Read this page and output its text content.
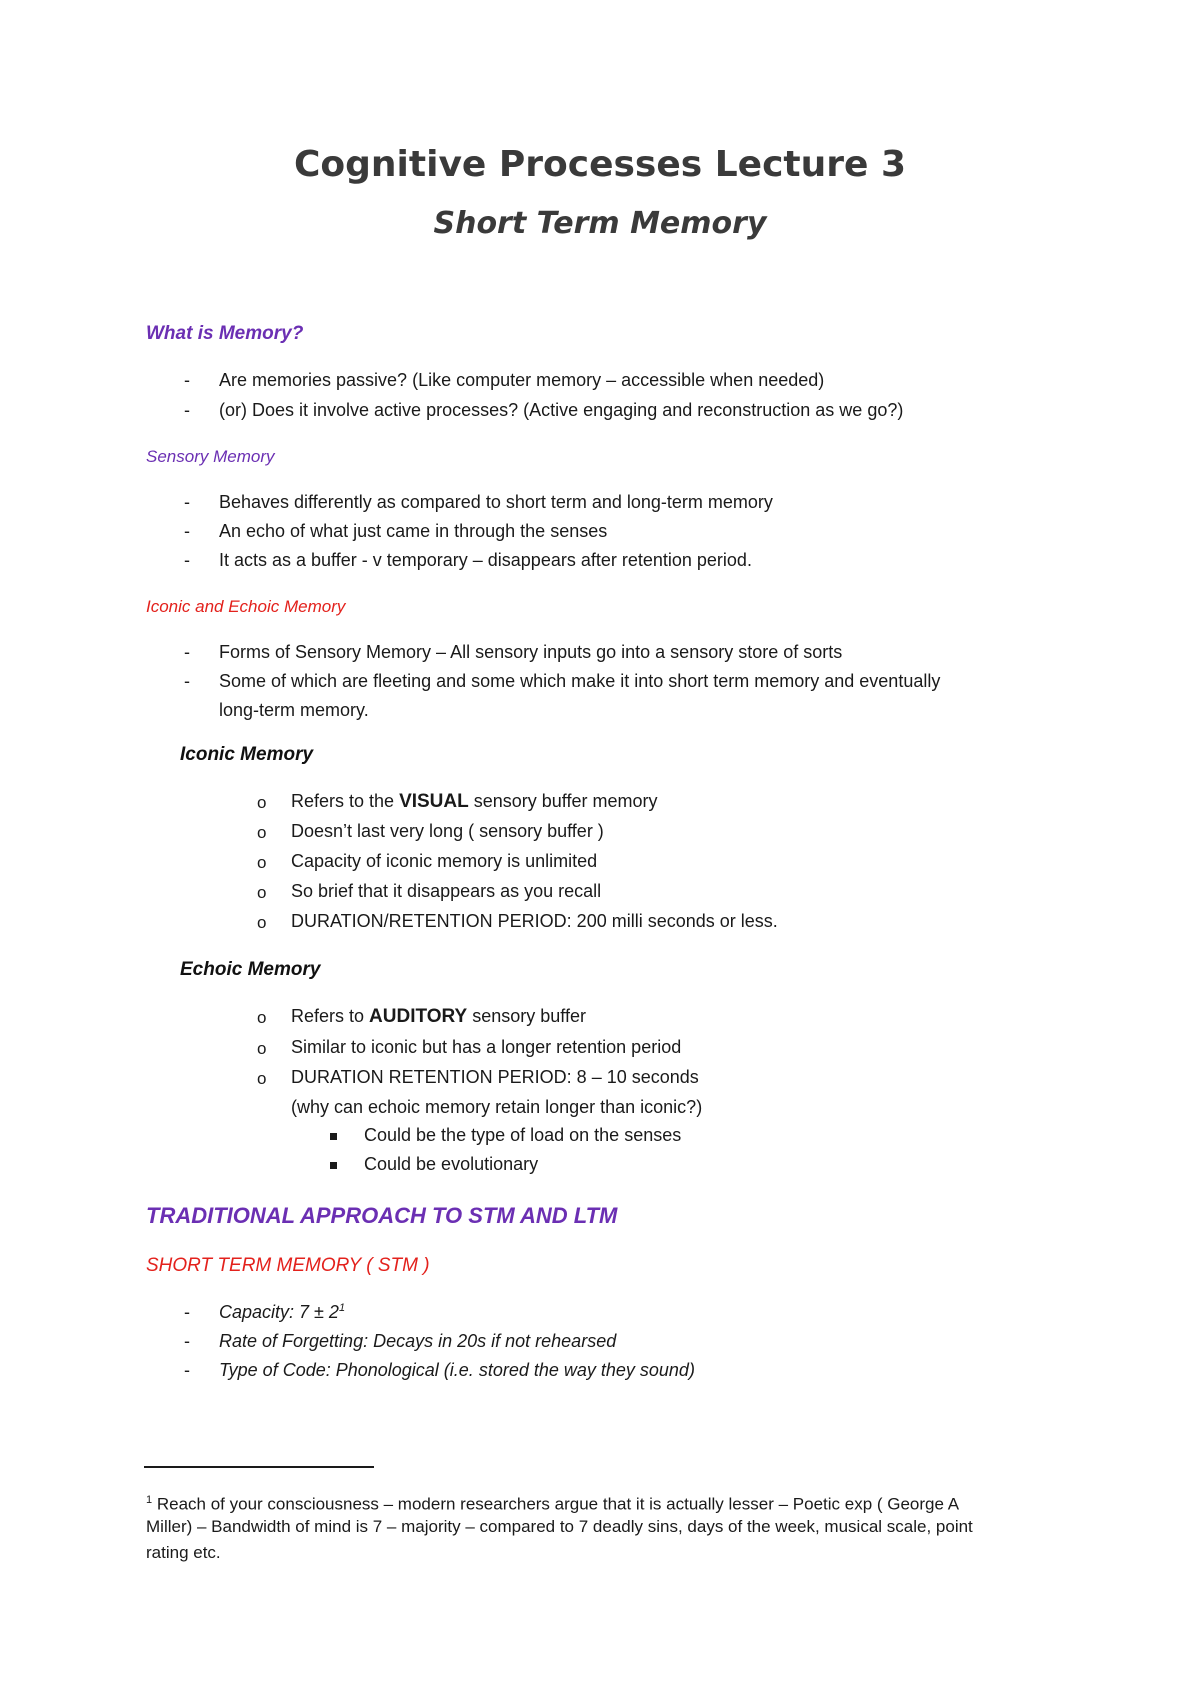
Cognitive Processes Lecture 3
Short Term Memory
What is Memory?
- Are memories passive? (Like computer memory – accessible when needed)
- (or) Does it involve active processes? (Active engaging and reconstruction as we go?)
Sensory Memory
- Behaves differently as compared to short term and long-term memory
- An echo of what just came in through the senses
- It acts as a buffer - v temporary – disappears after retention period.
Iconic and Echoic Memory
- Forms of Sensory Memory – All sensory inputs go into a sensory store of sorts
- Some of which are fleeting and some which make it into short term memory and eventually
long-term memory.
Iconic Memory
o Refers to the VISUAL sensory buffer memory
o Doesn’t last very long ( sensory buffer )
o Capacity of iconic memory is unlimited
o So brief that it disappears as you recall
o DURATION/RETENTION PERIOD: 200 milli seconds or less.
Echoic Memory
o Refers to AUDITORY sensory buffer
o Similar to iconic but has a longer retention period
o DURATION RETENTION PERIOD: 8 – 10 seconds
(why can echoic memory retain longer than iconic?)
Could be the type of load on the senses
Could be evolutionary
TRADITIONAL APPROACH TO STM AND LTM
SHORT TERM MEMORY ( STM )
- Capacity: $7 \pm 2^1$
- Rate of Forgetting: Decays in 20s if not rehearsed
- Type of Code: Phonological (i.e. stored the way they sound)
$^1$ Reach of your consciousness – modern researchers argue that it is actually lesser – Poetic exp ( George A
Miller) – Bandwidth of mind is 7 – majority – compared to 7 deadly sins, days of the week, musical scale, point
rating etc.
